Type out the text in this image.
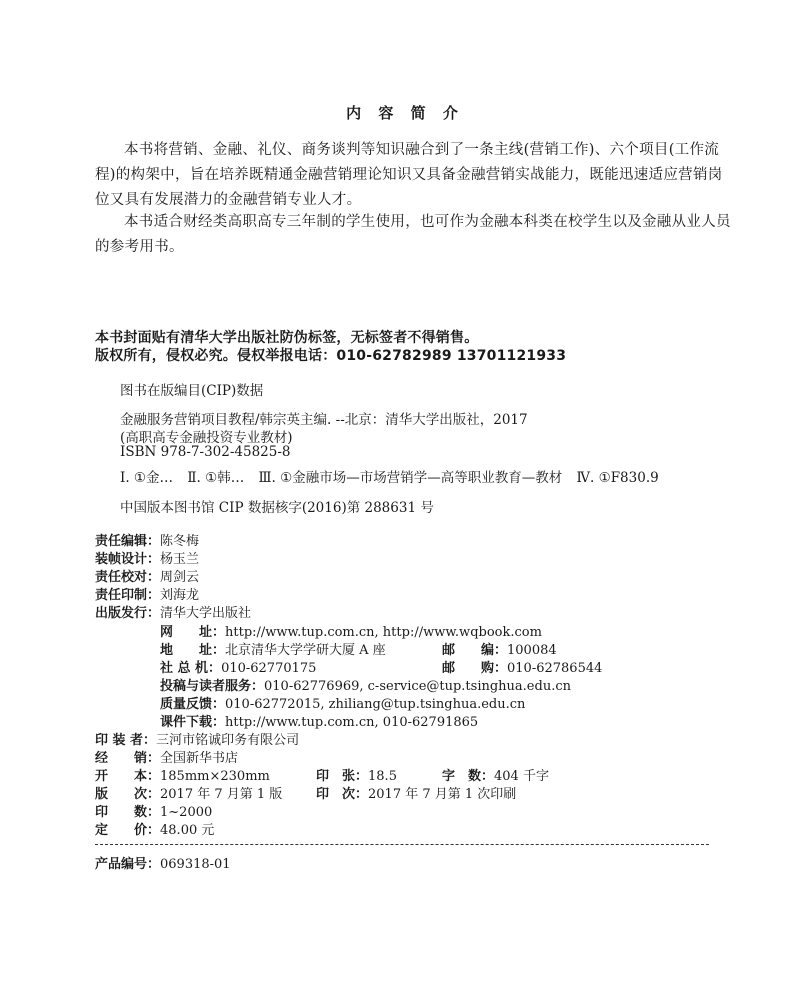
内 容 简 介
本书将营销、金融、礼仪、商务谈判等知识融合到了一条主线(营销工作)、六个项目(工作流程)的构架中，旨在培养既精通金融营销理论知识又具备金融营销实战能力，既能迅速适应营销岗位又具有发展潜力的金融营销专业人才。
本书适合财经类高职高专三年制的学生使用，也可作为金融本科类在校学生以及金融从业人员的参考用书。
本书封面贴有清华大学出版社防伪标签，无标签者不得销售。
版权所有，侵权必究。侵权举报电话：010-62782989 13701121933
图书在版编目(CIP)数据
金融服务营销项目教程/韩宗英主编. --北京：清华大学出版社，2017
(高职高专金融投资专业教材)
ISBN 978-7-302-45825-8
Ⅰ. ①金… Ⅱ. ①韩… Ⅲ. ①金融市场—市场营销学—高等职业教育—教材 Ⅳ. ①F830.9
中国版本图书馆 CIP 数据核字(2016)第 288631 号
责任编辑：陈冬梅
装帧设计：杨玉兰
责任校对：周剑云
责任印制：刘海龙
出版发行：清华大学出版社
网　　址：http://www.tup.com.cn, http://www.wqbook.com
地　　址：北京清华大学学研大厦 A 座	邮　　编：100084
社 总 机：010-62770175	邮　　购：010-62786544
投稿与读者服务：010-62776969, c-service@tup.tsinghua.edu.cn
质量反馈：010-62772015, zhiliang@tup.tsinghua.edu.cn
课件下载：http://www.tup.com.cn, 010-62791865
印 装 者：三河市铭诚印务有限公司
经　　销：全国新华书店
开　　本：185mm×230mm	印　张：18.5	字　数：404 千字
版　　次：2017 年 7 月第 1 版	印　次：2017 年 7 月第 1 次印刷
印　　数：1~2000
定　　价：48.00 元
产品编号：069318-01
